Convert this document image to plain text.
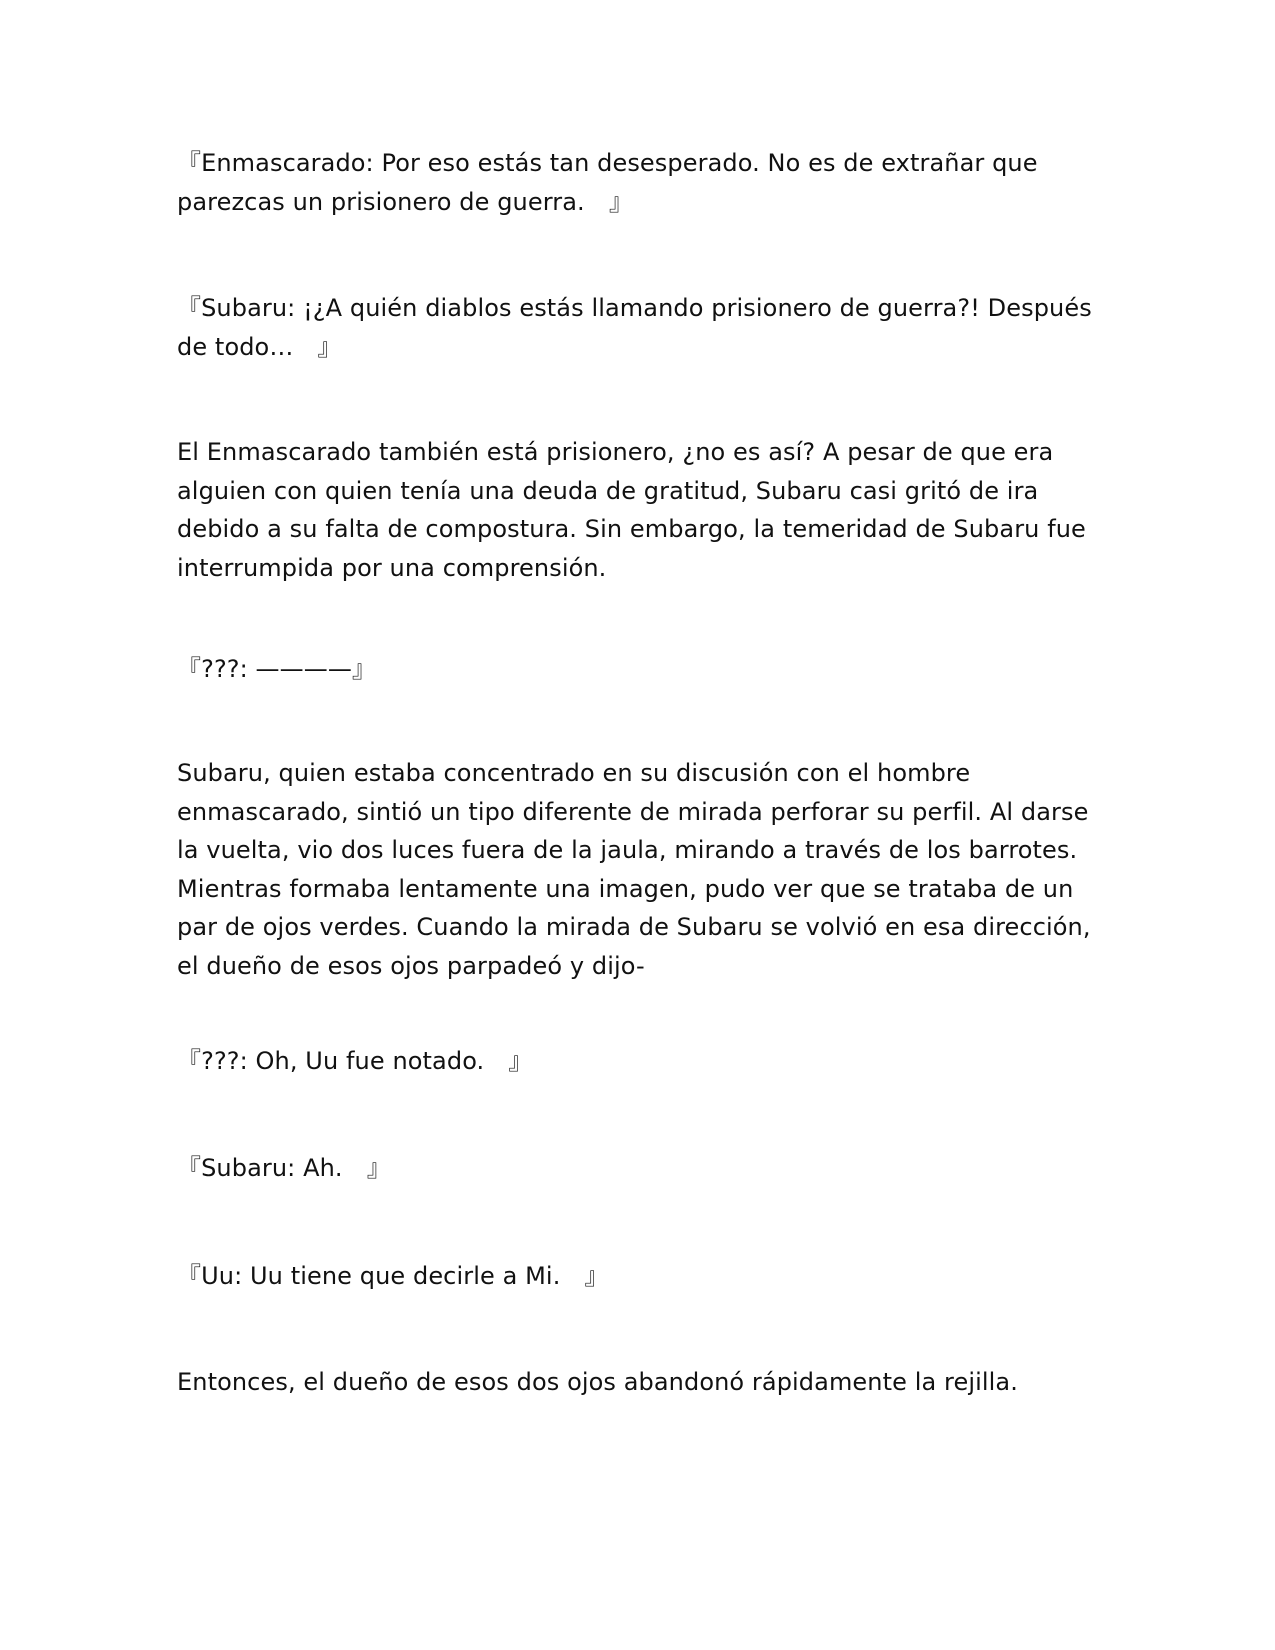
『Enmascarado: Por eso estás tan desesperado. No es de extrañar que parezcas un prisionero de guerra.　』

『Subaru: ¡¿A quién diablos estás llamando prisionero de guerra?! Después de todo…　』

El Enmascarado también está prisionero, ¿no es así? A pesar de que era alguien con quien tenía una deuda de gratitud, Subaru casi gritó de ira debido a su falta de compostura. Sin embargo, la temeridad de Subaru fue interrumpida por una comprensión.

『???: ————』

Subaru, quien estaba concentrado en su discusión con el hombre enmascarado, sintió un tipo diferente de mirada perforar su perfil. Al darse la vuelta, vio dos luces fuera de la jaula, mirando a través de los barrotes. Mientras formaba lentamente una imagen, pudo ver que se trataba de un par de ojos verdes. Cuando la mirada de Subaru se volvió en esa dirección, el dueño de esos ojos parpadeó y dijo-

『???: Oh, Uu fue notado.　』

『Subaru: Ah.　』

『Uu: Uu tiene que decirle a Mi.　』

Entonces, el dueño de esos dos ojos abandonó rápidamente la rejilla.
